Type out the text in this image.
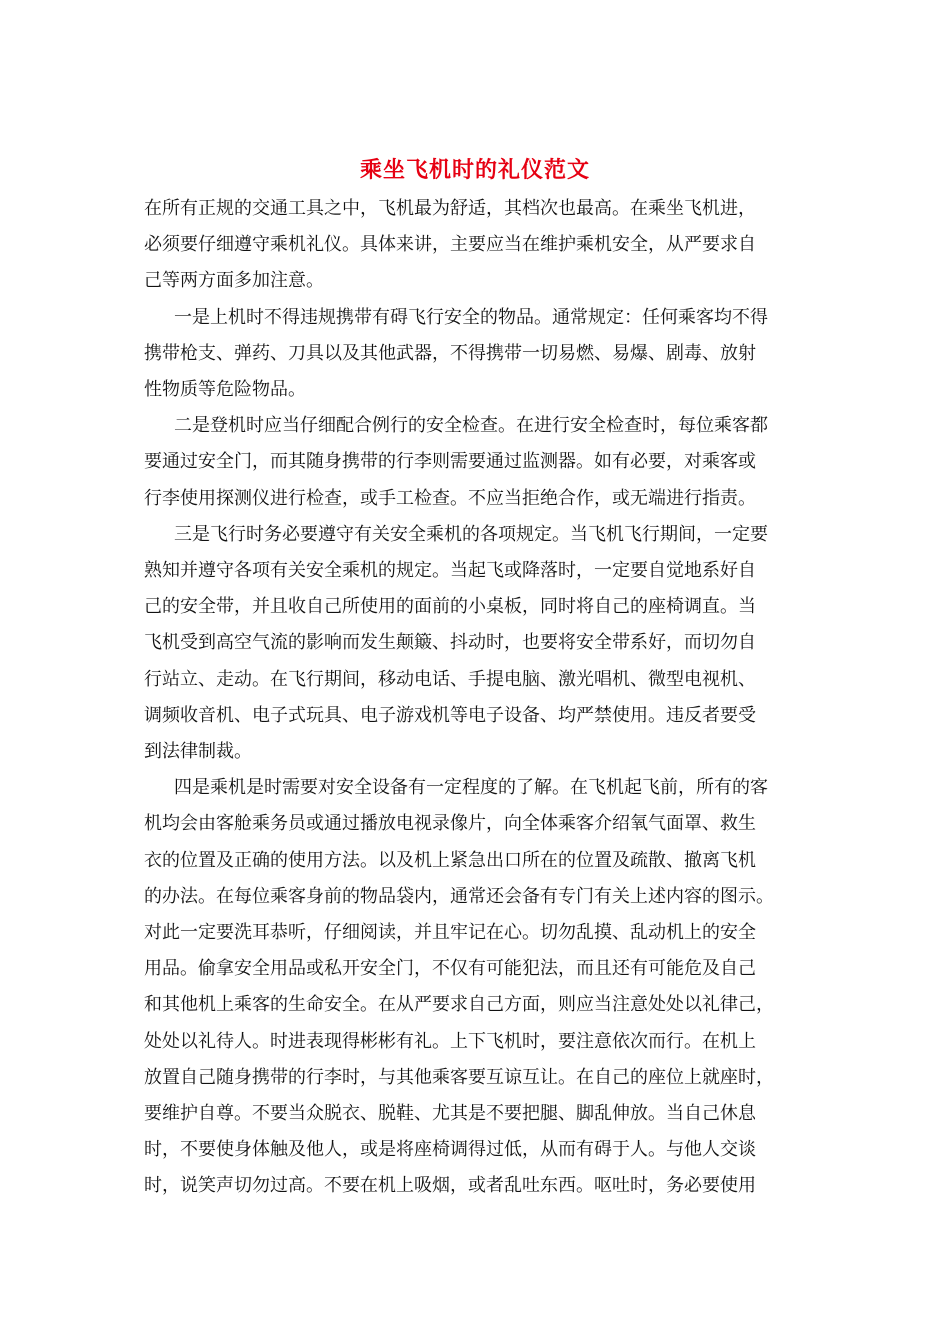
乘坐飞机时的礼仪范文
在所有正规的交通工具之中，飞机最为舒适，其档次也最高。在乘坐飞机进，
必须要仔细遵守乘机礼仪。具体来讲，主要应当在维护乘机安全，从严要求自
己等两方面多加注意。
一是上机时不得违规携带有碍飞行安全的物品。通常规定：任何乘客均不得
携带枪支、弹药、刀具以及其他武器，不得携带一切易燃、易爆、剧毒、放射
性物质等危险物品。
二是登机时应当仔细配合例行的安全检查。在进行安全检查时，每位乘客都
要通过安全门，而其随身携带的行李则需要通过监测器。如有必要，对乘客或
行李使用探测仪进行检查，或手工检查。不应当拒绝合作，或无端进行指责。
三是飞行时务必要遵守有关安全乘机的各项规定。当飞机飞行期间，一定要
熟知并遵守各项有关安全乘机的规定。当起飞或降落时，一定要自觉地系好自
己的安全带，并且收自己所使用的面前的小桌板，同时将自己的座椅调直。当
飞机受到高空气流的影响而发生颠簸、抖动时，也要将安全带系好，而切勿自
行站立、走动。在飞行期间，移动电话、手提电脑、激光唱机、微型电视机、
调频收音机、电子式玩具、电子游戏机等电子设备、均严禁使用。违反者要受
到法律制裁。
四是乘机是时需要对安全设备有一定程度的了解。在飞机起飞前，所有的客
机均会由客舱乘务员或通过播放电视录像片，向全体乘客介绍氧气面罩、救生
衣的位置及正确的使用方法。以及机上紧急出口所在的位置及疏散、撤离飞机
的办法。在每位乘客身前的物品袋内，通常还会备有专门有关上述内容的图示。
对此一定要洗耳恭听，仔细阅读，并且牢记在心。切勿乱摸、乱动机上的安全
用品。偷拿安全用品或私开安全门，不仅有可能犯法，而且还有可能危及自己
和其他机上乘客的生命安全。在从严要求自己方面，则应当注意处处以礼律己，
处处以礼待人。时进表现得彬彬有礼。上下飞机时，要注意依次而行。在机上
放置自己随身携带的行李时，与其他乘客要互谅互让。在自己的座位上就座时，
要维护自尊。不要当众脱衣、脱鞋、尤其是不要把腿、脚乱伸放。当自己休息
时，不要使身体触及他人，或是将座椅调得过低，从而有碍于人。与他人交谈
时，说笑声切勿过高。不要在机上吸烟，或者乱吐东西。呕吐时，务必要使用
